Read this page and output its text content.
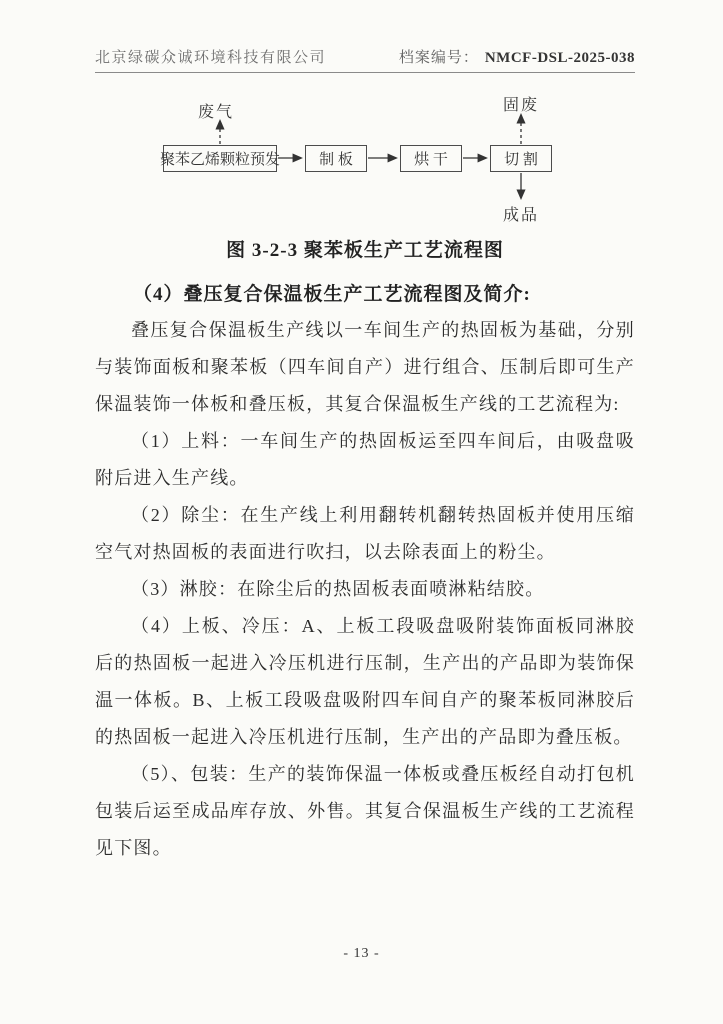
北京绿碳众诚环境科技有限公司	档案编号： NMCF-DSL-2025-038
废气	固废
成品
聚苯乙烯颗粒预发	制 板	烘 干	切 割
图 3-2-3 聚苯板生产工艺流程图
（4）叠压复合保温板生产工艺流程图及简介:

叠压复合保温板生产线以一车间生产的热固板为基础，分别与装饰面板和聚苯板（四车间自产）进行组合、压制后即可生产保温装饰一体板和叠压板，其复合保温板生产线的工艺流程为:

（1）上料：一车间生产的热固板运至四车间后，由吸盘吸附后进入生产线。

（2）除尘：在生产线上利用翻转机翻转热固板并使用压缩空气对热固板的表面进行吹扫，以去除表面上的粉尘。

（3）淋胶：在除尘后的热固板表面喷淋粘结胶。

（4）上板、冷压：A、上板工段吸盘吸附装饰面板同淋胶后的热固板一起进入冷压机进行压制，生产出的产品即为装饰保温一体板。B、上板工段吸盘吸附四车间自产的聚苯板同淋胶后的热固板一起进入冷压机进行压制，生产出的产品即为叠压板。

（5）、包装：生产的装饰保温一体板或叠压板经自动打包机包装后运至成品库存放、外售。其复合保温板生产线的工艺流程见下图。

- 13 -
